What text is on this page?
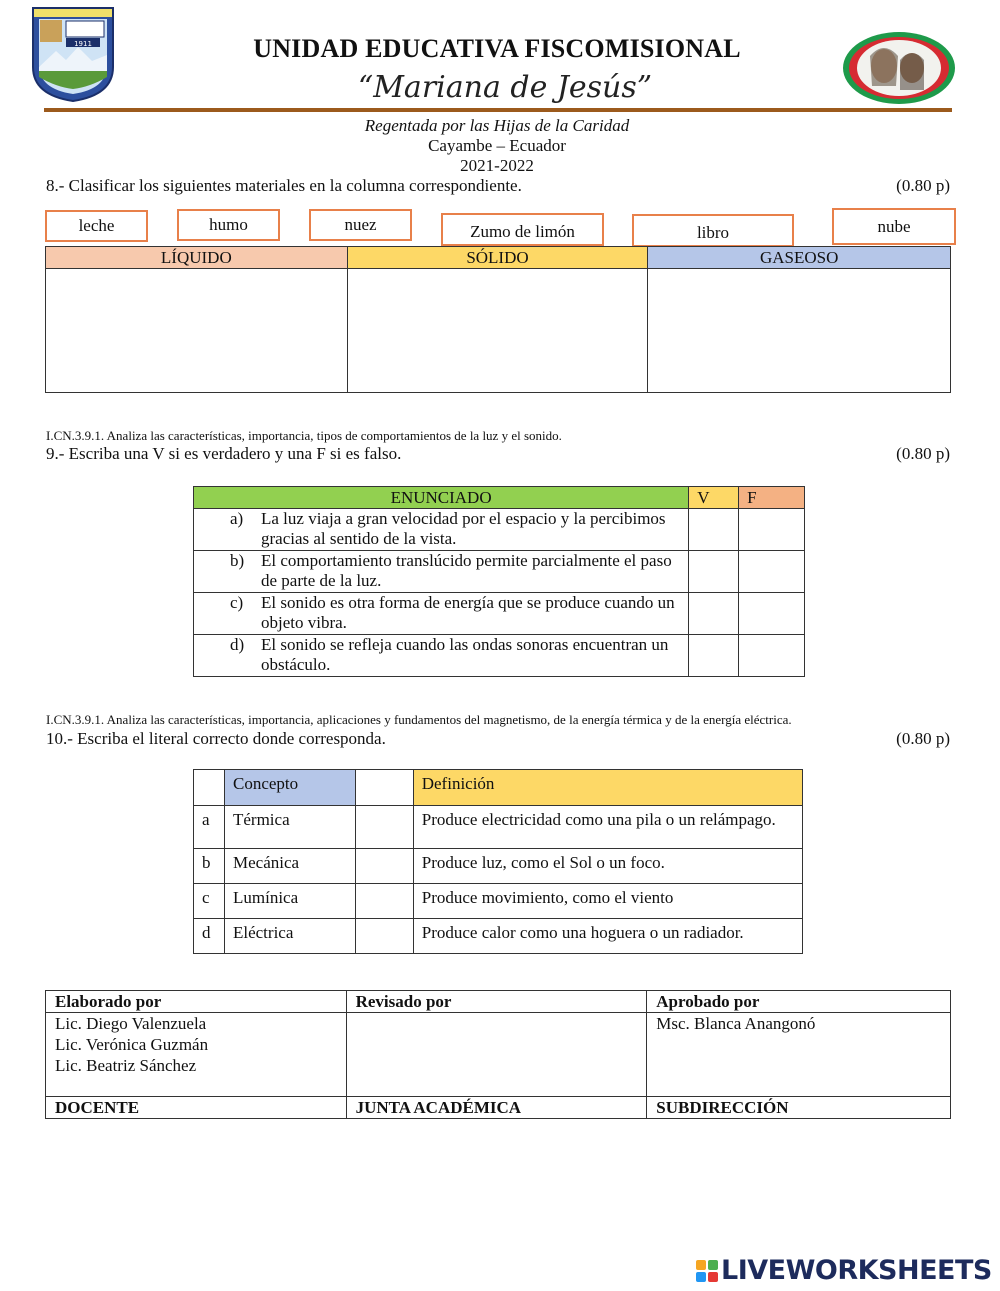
1911	UNIDAD EDUCATIVA FISCOMISIONAL
“Mariana de Jesús”
Regentada por las Hijas de la Caridad
Cayambe – Ecuador
2021-2022
8.- Clasificar los siguientes materiales en la columna correspondiente.	(0.80 p)
leche	humo	nuez	Zumo de limón	libro	nube
LÍQUIDO	SÓLIDO	GASEOSO

I.CN.3.9.1. Analiza las características, importancia, tipos de comportamientos de la luz y el sonido.
9.- Escriba una V si es verdadero y una F si es falso.	(0.80 p)
ENUNCIADO	V	F

a) La luz viaja a gran velocidad por el espacio y la percibimos gracias al sentido de la vista.		

b) El comportamiento translúcido permite parcialmente el paso de parte de la luz.		

c) El sonido es otra forma de energía que se produce cuando un objeto vibra.		

d) El sonido se refleja cuando las ondas sonoras encuentran un obstáculo.		

I.CN.3.9.1. Analiza las características, importancia, aplicaciones y fundamentos del magnetismo, de la energía térmica y de la energía eléctrica.
10.- Escriba el literal correcto donde corresponda.	(0.80 p)
	Concepto		Definición
a	Térmica		Produce electricidad como una pila o un relámpago.
b	Mecánica		Produce luz, como el Sol o un foco.
c	Lumínica		Produce movimiento, como el viento
d	Eléctrica		Produce calor como una hoguera o un radiador.
Elaborado por	Revisado por	Aprobado por

Lic. Diego Valenzuela
Lic. Verónica Guzmán
Lic. Beatriz Sánchez		Msc. Blanca Anangonó
DOCENTE	JUNTA ACADÉMICA	SUBDIRECCIÓN
LIVEWORKSHEETS
